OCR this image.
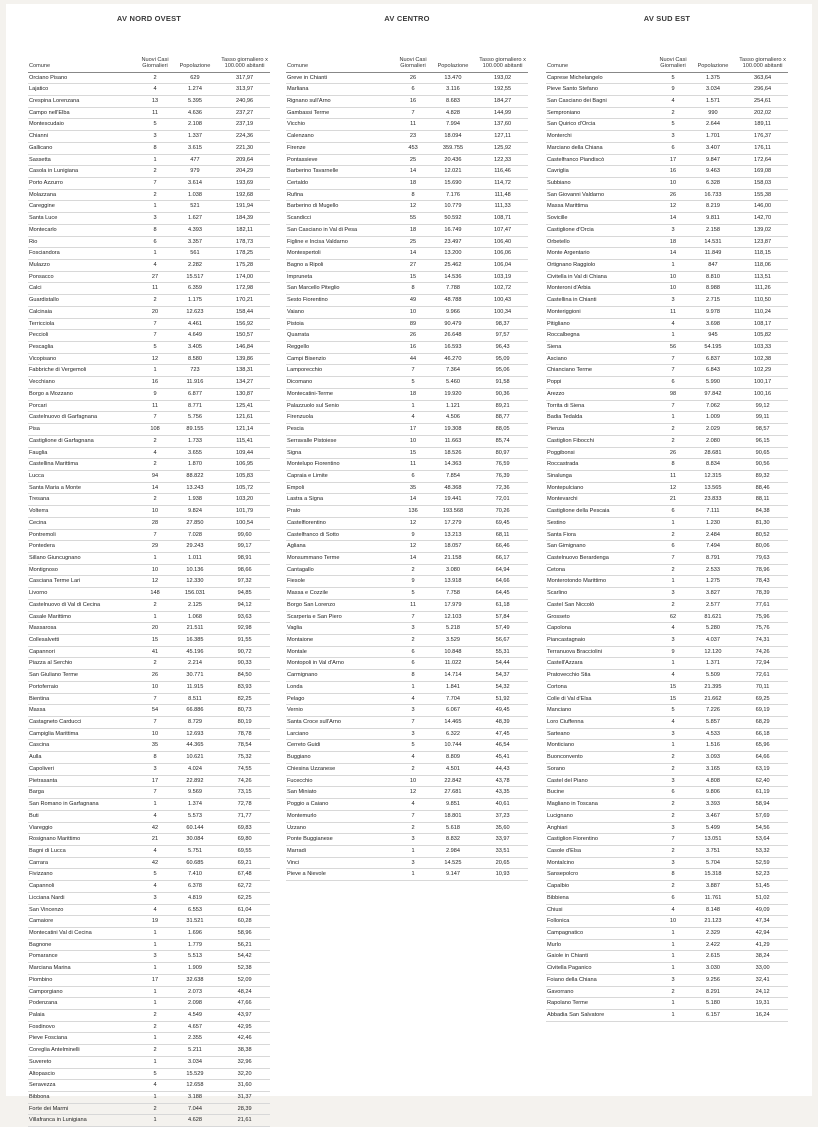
AV NORD OVEST
Comune	Nuovi Casi Giornalieri	Popolazione	Tasso giornaliero x 100.000 abitanti
Orciano Pisano	2	629	317,97
Lajatico	4	1.274	313,97
Crespina Lorenzana	13	5.395	240,96
Campo nell'Elba	11	4.636	237,27
Montescudaio	5	2.108	237,19
Chianni	3	1.337	224,36
Gallicano	8	3.615	221,30
Sassetta	1	477	209,64
Casola in Lunigiana	2	979	204,29
Porto Azzurro	7	3.614	193,69
Molazzana	2	1.038	192,68
Careggine	1	521	191,94
Santa Luce	3	1.627	184,39
Montecarlo	8	4.393	182,11
Rio	6	3.357	178,73
Fosciandora	1	561	178,25
Mulazzo	4	2.282	175,28
Ponsacco	27	15.517	174,00
Calci	11	6.359	172,98
Guardistallo	2	1.175	170,21
Calcinaia	20	12.623	158,44
Terricciola	7	4.461	156,92
Peccioli	7	4.649	150,57
Pescaglia	5	3.405	146,84
Vicopisano	12	8.580	139,86
Fabbriche di Vergemoli	1	723	138,31
Vecchiano	16	11.916	134,27
Borgo a Mozzano	9	6.877	130,87
Porcari	11	8.771	125,41
Castelnuovo di Garfagnana	7	5.756	121,61
Pisa	108	89.155	121,14
Castiglione di Garfagnana	2	1.733	115,41
Fauglia	4	3.655	109,44
Castellina Marittima	2	1.870	106,95
Lucca	94	88.822	105,83
Santa Maria a Monte	14	13.243	105,72
Tresana	2	1.938	103,20
Volterra	10	9.824	101,79
Cecina	28	27.850	100,54
Pontremoli	7	7.028	99,60
Pontedera	29	29.243	99,17
Sillano Giuncugnano	1	1.011	98,91
Montignoso	10	10.136	98,66
Casciana Terme Lari	12	12.330	97,32
Livorno	148	156.031	94,85
Castelnuovo di Val di Cecina	2	2.125	94,12
Casale Marittimo	1	1.068	93,63
Massarosa	20	21.511	92,98
Collesalvetti	15	16.385	91,55
Capannori	41	45.196	90,72
Piazza al Serchio	2	2.214	90,33
San Giuliano Terme	26	30.771	84,50
Portoferraio	10	11.915	83,93
Bientina	7	8.511	82,25
Massa	54	66.886	80,73
Castagneto Carducci	7	8.729	80,19
Campiglia Marittima	10	12.693	78,78
Cascina	35	44.365	78,54
Aulla	8	10.621	75,32
Capoliveri	3	4.024	74,55
Pietrasanta	17	22.892	74,26
Barga	7	9.569	73,15
San Romano in Garfagnana	1	1.374	72,78
Buti	4	5.573	71,77
Viareggio	42	60.144	69,83
Rosignano Marittimo	21	30.084	69,80
Bagni di Lucca	4	5.751	69,55
Carrara	42	60.685	69,21
Fivizzano	5	7.410	67,48
Capannoli	4	6.378	62,72
Licciana Nardi	3	4.819	62,25
San Vincenzo	4	6.553	61,04
Camaiore	19	31.521	60,28
Montecatini Val di Cecina	1	1.696	58,96
Bagnone	1	1.779	56,21
Pomarance	3	5.513	54,42
Marciana Marina	1	1.909	52,38
Piombino	17	32.638	52,09
Camporgiano	1	2.073	48,24
Podenzana	1	2.098	47,66
Palaia	2	4.549	43,97
Fosdinovo	2	4.657	42,95
Pieve Fosciana	1	2.355	42,46
Coreglia Antelminelli	2	5.211	38,38
Suvereto	1	3.034	32,96
Altopascio	5	15.529	32,20
Seravezza	4	12.658	31,60
Bibbona	1	3.188	31,37
Forte dei Marmi	2	7.044	28,39
Villafranca in Lunigiana	1	4.628	21,61
AV CENTRO
Comune	Nuovi Casi Giornalieri	Popolazione	Tasso giornaliero x 100.000 abitanti
Greve in Chianti	26	13.470	193,02
Marliana	6	3.116	192,55
Rignano sull'Arno	16	8.683	184,27
Gambassi Terme	7	4.828	144,99
Vicchio	11	7.994	137,60
Calenzano	23	18.094	127,11
Firenze	453	359.755	125,92
Pontassieve	25	20.436	122,33
Barberino Tavarnelle	14	12.021	116,46
Certaldo	18	15.690	114,72
Rufina	8	7.176	111,48
Barberino di Mugello	12	10.779	111,33
Scandicci	55	50.592	108,71
San Casciano in Val di Pesa	18	16.749	107,47
Figline e Incisa Valdarno	25	23.497	106,40
Montespertoli	14	13.200	106,06
Bagno a Ripoli	27	25.462	106,04
Impruneta	15	14.536	103,19
San Marcello Piteglio	8	7.788	102,72
Sesto Fiorentino	49	48.788	100,43
Vaiano	10	9.966	100,34
Pistoia	89	90.479	98,37
Quarrata	26	26.648	97,57
Reggello	16	16.593	96,43
Campi Bisenzio	44	46.270	95,09
Lamporecchio	7	7.364	95,06
Dicomano	5	5.460	91,58
Montecatini-Terme	18	19.920	90,36
Palazzuolo sul Senio	1	1.121	89,21
Firenzuola	4	4.506	88,77
Pescia	17	19.308	88,05
Serravalle Pistoiese	10	11.663	85,74
Signa	15	18.526	80,97
Montelupo Fiorentino	11	14.363	76,59
Capraia e Limite	6	7.854	76,39
Empoli	35	48.368	72,36
Lastra a Signa	14	19.441	72,01
Prato	136	193.568	70,26
Castelfiorentino	12	17.279	69,45
Castelfranco di Sotto	9	13.213	68,11
Agliana	12	18.057	66,46
Monsummano Terme	14	21.158	66,17
Cantagallo	2	3.080	64,94
Fiesole	9	13.918	64,66
Massa e Cozzile	5	7.758	64,45
Borgo San Lorenzo	11	17.979	61,18
Scarperia e San Piero	7	12.103	57,84
Vaglia	3	5.218	57,49
Montaione	2	3.529	56,67
Montale	6	10.848	55,31
Montopoli in Val d'Arno	6	11.022	54,44
Carmignano	8	14.714	54,37
Londa	1	1.841	54,32
Pelago	4	7.704	51,92
Vernio	3	6.067	49,45
Santa Croce sull'Arno	7	14.465	48,39
Larciano	3	6.322	47,45
Cerreto Guidi	5	10.744	46,54
Buggiano	4	8.809	45,41
Chiesina Uzzanese	2	4.501	44,43
Fucecchio	10	22.842	43,78
San Miniato	12	27.681	43,35
Poggio a Caiano	4	9.851	40,61
Montemurlo	7	18.801	37,23
Uzzano	2	5.618	35,60
Ponte Buggianese	3	8.832	33,97
Marradi	1	2.984	33,51
Vinci	3	14.525	20,65
Pieve a Nievole	1	9.147	10,93
AV SUD EST
Comune	Nuovi Casi Giornalieri	Popolazione	Tasso giornaliero x 100.000 abitanti
Caprese Michelangelo	5	1.375	363,64
Pieve Santo Stefano	9	3.034	296,64
San Casciano dei Bagni	4	1.571	254,61
Semproniano	2	990	202,02
San Quirico d'Orcia	5	2.644	189,11
Monterchi	3	1.701	176,37
Marciano della Chiana	6	3.407	176,11
Castelfranco Piandiscò	17	9.847	172,64
Cavriglia	16	9.463	169,08
Subbiano	10	6.328	158,03
San Giovanni Valdarno	26	16.733	155,38
Massa Marittima	12	8.219	146,00
Sovicille	14	9.811	142,70
Castiglione d'Orcia	3	2.158	139,02
Orbetello	18	14.531	123,87
Monte Argentario	14	11.849	118,15
Ortignano Raggiolo	1	847	118,06
Civitella in Val di Chiana	10	8.810	113,51
Monteroni d'Arbia	10	8.988	111,26
Castellina in Chianti	3	2.715	110,50
Monteriggioni	11	9.978	110,24
Pitigliano	4	3.698	108,17
Roccalbegna	1	945	105,82
Siena	56	54.195	103,33
Asciano	7	6.837	102,38
Chianciano Terme	7	6.843	102,29
Poppi	6	5.990	100,17
Arezzo	98	97.842	100,16
Torrita di Siena	7	7.062	99,12
Badia Tedalda	1	1.009	99,11
Pienza	2	2.029	98,57
Castiglion Fibocchi	2	2.080	96,15
Poggibonsi	26	28.681	90,65
Roccastrada	8	8.834	90,56
Sinalunga	11	12.315	89,32
Montepulciano	12	13.565	88,46
Montevarchi	21	23.833	88,11
Castiglione della Pescaia	6	7.111	84,38
Sestino	1	1.230	81,30
Santa Fiora	2	2.484	80,52
San Gimignano	6	7.494	80,06
Castelnuovo Berardenga	7	8.791	79,63
Cetona	2	2.533	78,96
Monterotondo Marittimo	1	1.275	78,43
Scarlino	3	3.827	78,39
Castel San Niccolò	2	2.577	77,61
Grosseto	62	81.621	75,96
Capolona	4	5.280	75,76
Piancastagnaio	3	4.037	74,31
Terranuova Bracciolini	9	12.120	74,26
Castell'Azzara	1	1.371	72,94
Pratovecchio Stia	4	5.509	72,61
Cortona	15	21.395	70,11
Colle di Val d'Elsa	15	21.662	69,25
Manciano	5	7.226	69,19
Loro Ciuffenna	4	5.857	68,29
Sarteano	3	4.533	66,18
Monticiano	1	1.516	65,96
Buonconvento	2	3.093	64,66
Sorano	2	3.165	63,19
Castel del Piano	3	4.808	62,40
Bucine	6	9.806	61,19
Magliano in Toscana	2	3.393	58,94
Lucignano	2	3.467	57,69
Anghiari	3	5.499	54,56
Castiglion Fiorentino	7	13.051	53,64
Casole d'Elsa	2	3.751	53,32
Montalcino	3	5.704	52,59
Sansepolcro	8	15.318	52,23
Capalbio	2	3.887	51,45
Bibbiena	6	11.761	51,02
Chiusi	4	8.148	49,09
Follonica	10	21.123	47,34
Campagnatico	1	2.329	42,94
Murlo	1	2.422	41,29
Gaiole in Chianti	1	2.615	38,24
Civitella Paganico	1	3.030	33,00
Foiano della Chiana	3	9.256	32,41
Gavorrano	2	8.291	24,12
Rapolano Terme	1	5.180	19,31
Abbadia San Salvatore	1	6.157	16,24
